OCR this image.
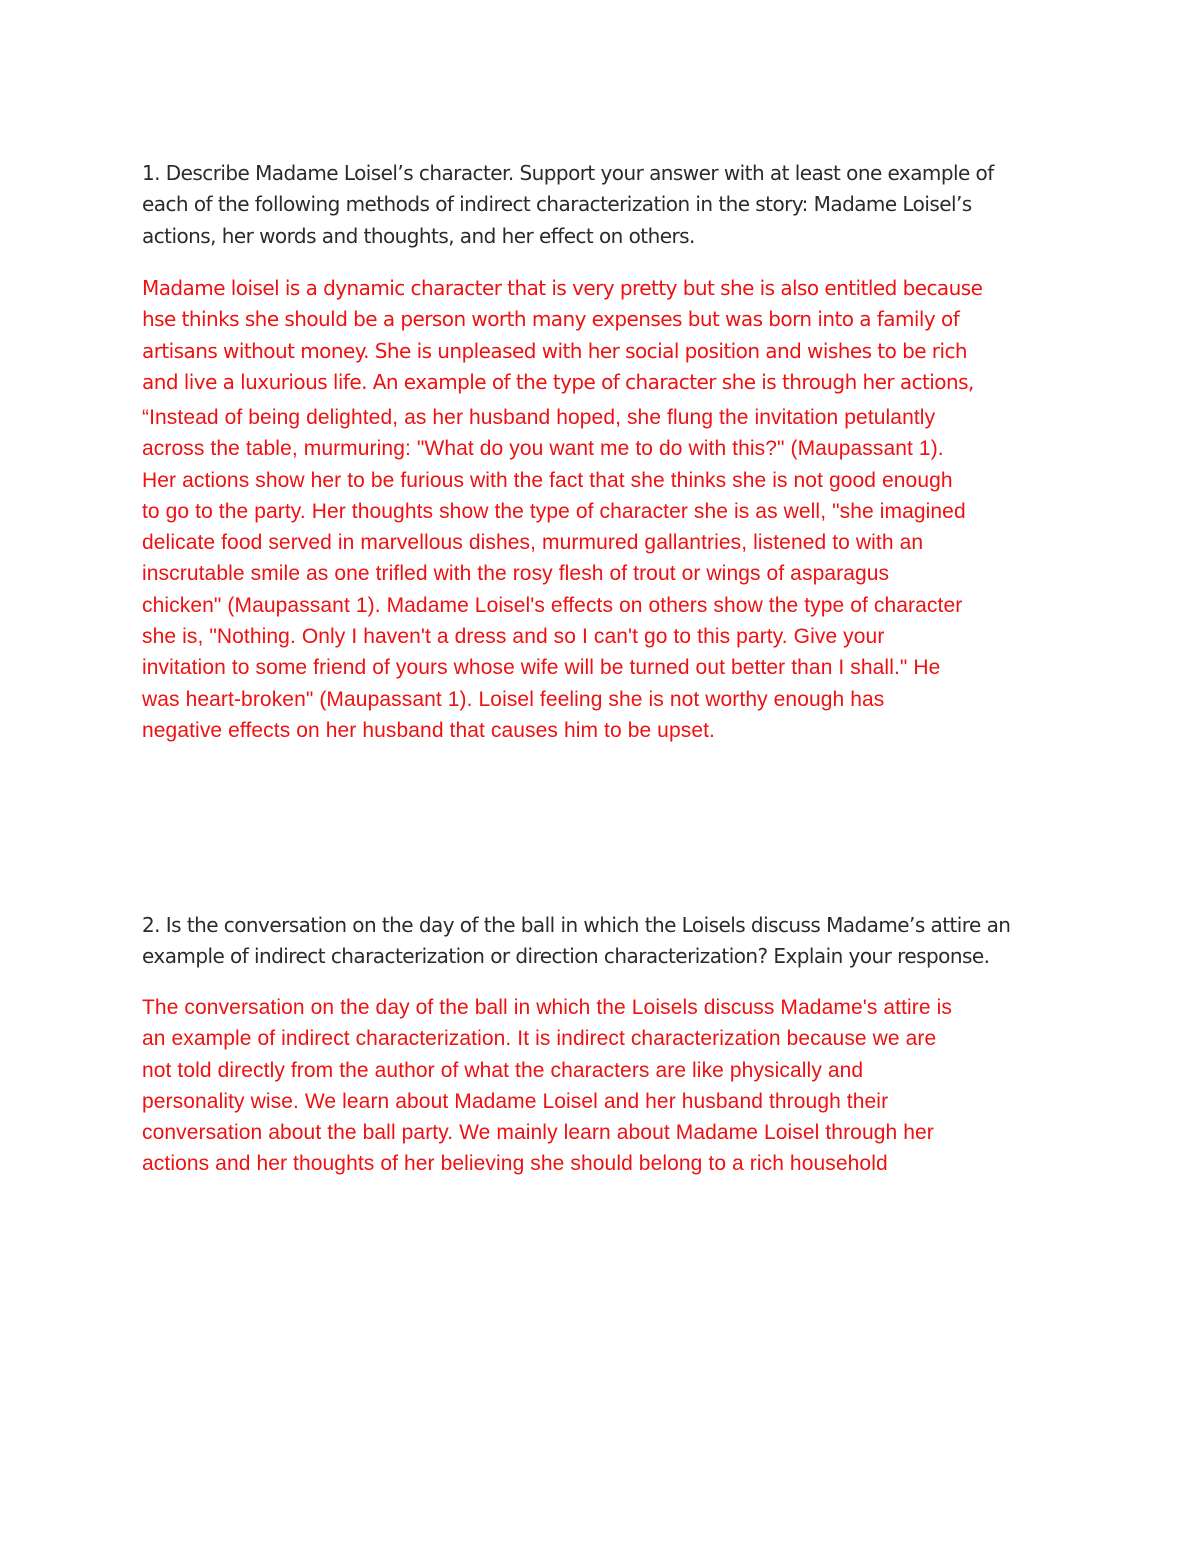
1. Describe Madame Loisel’s character. Support your answer with at least one example of
each of the following methods of indirect characterization in the story: Madame Loisel’s
actions, her words and thoughts, and her effect on others.
Madame loisel is a dynamic character that is very pretty but she is also entitled because
hse thinks she should be a person worth many expenses but was born into a family of
artisans without money. She is unpleased with her social position and wishes to be rich
and live a luxurious life. An example of the type of character she is through her actions,
“Instead of being delighted, as her husband hoped, she flung the invitation petulantly
across the table, murmuring: "What do you want me to do with this?" (Maupassant 1).
Her actions show her to be furious with the fact that she thinks she is not good enough
to go to the party. Her thoughts show the type of character she is as well, "she imagined
delicate food served in marvellous dishes, murmured gallantries, listened to with an
inscrutable smile as one trifled with the rosy flesh of trout or wings of asparagus
chicken" (Maupassant 1). Madame Loisel's effects on others show the type of character
she is, "Nothing. Only I haven't a dress and so I can't go to this party. Give your
invitation to some friend of yours whose wife will be turned out better than I shall." He
was heart-broken" (Maupassant 1). Loisel feeling she is not worthy enough has
negative effects on her husband that causes him to be upset.
2. Is the conversation on the day of the ball in which the Loisels discuss Madame’s attire an
example of indirect characterization or direction characterization? Explain your response.
The conversation on the day of the ball in which the Loisels discuss Madame's attire is
an example of indirect characterization. It is indirect characterization because we are
not told directly from the author of what the characters are like physically and
personality wise. We learn about Madame Loisel and her husband through their
conversation about the ball party. We mainly learn about Madame Loisel through her
actions and her thoughts of her believing she should belong to a rich household
